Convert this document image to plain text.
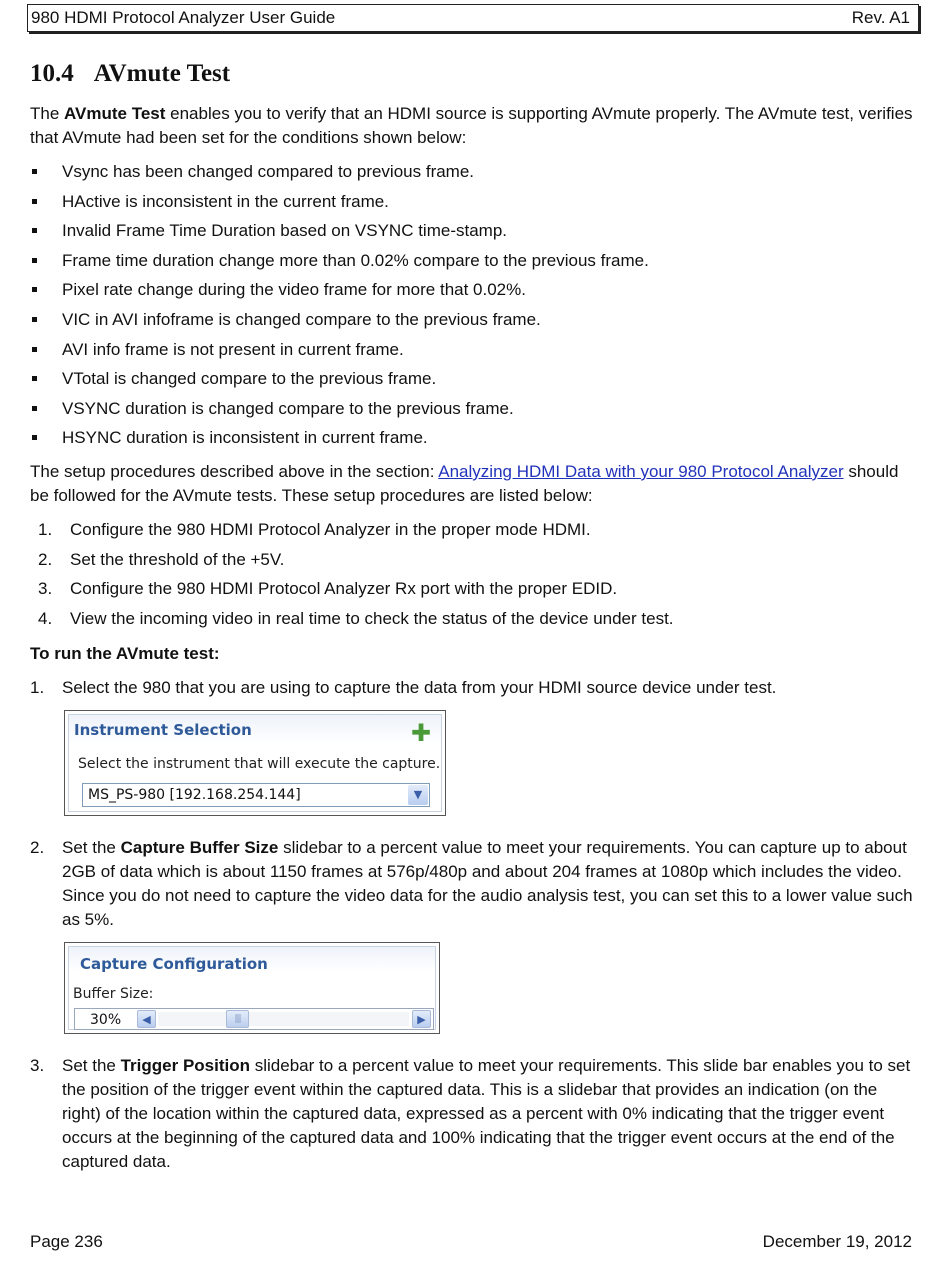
980 HDMI Protocol Analyzer User Guide	Rev. A1
10.4 AVmute Test

The AVmute Test enables you to verify that an HDMI source is supporting AVmute properly. The AVmute test, verifies that AVmute had been set for the conditions shown below:

Vsync has been changed compared to previous frame.
HActive is inconsistent in the current frame.
Invalid Frame Time Duration based on VSYNC time-stamp.
Frame time duration change more than 0.02% compare to the previous frame.
Pixel rate change during the video frame for more that 0.02%.
VIC in AVI infoframe is changed compare to the previous frame.
AVI info frame is not present in current frame.
VTotal is changed compare to the previous frame.
VSYNC duration is changed compare to the previous frame.
HSYNC duration is inconsistent in current frame.

The setup procedures described above in the section: Analyzing HDMI Data with your 980 Protocol Analyzer should be followed for the AVmute tests. These setup procedures are listed below:

1. Configure the 980 HDMI Protocol Analyzer in the proper mode HDMI.
2. Set the threshold of the +5V.
3. Configure the 980 HDMI Protocol Analyzer Rx port with the proper EDID.
4. View the incoming video in real time to check the status of the device under test.
To run the AVmute test:
1. Select the 980 that you are using to capture the data from your HDMI source device under test.
Instrument Selection	✚
Select the instrument that will execute the capture.
MS_PS-980 [192.168.254.144]	▼
2. Set the Capture Buffer Size slidebar to a percent value to meet your requirements. You can capture up to about 2GB of data which is about 1150 frames at 576p/480p and about 204 frames at 1080p which includes the video. Since you do not need to capture the video data for the audio analysis test, you can set this to a lower value such as 5%.
Capture Configuration
Buffer Size:
30%	◀	|||	▶
3. Set the Trigger Position slidebar to a percent value to meet your requirements. This slide bar enables you to set the position of the trigger event within the captured data. This is a slidebar that provides an indication (on the right) of the location within the captured data, expressed as a percent with 0% indicating that the trigger event occurs at the beginning of the captured data and 100% indicating that the trigger event occurs at the end of the captured data.
Page 236	December 19, 2012
